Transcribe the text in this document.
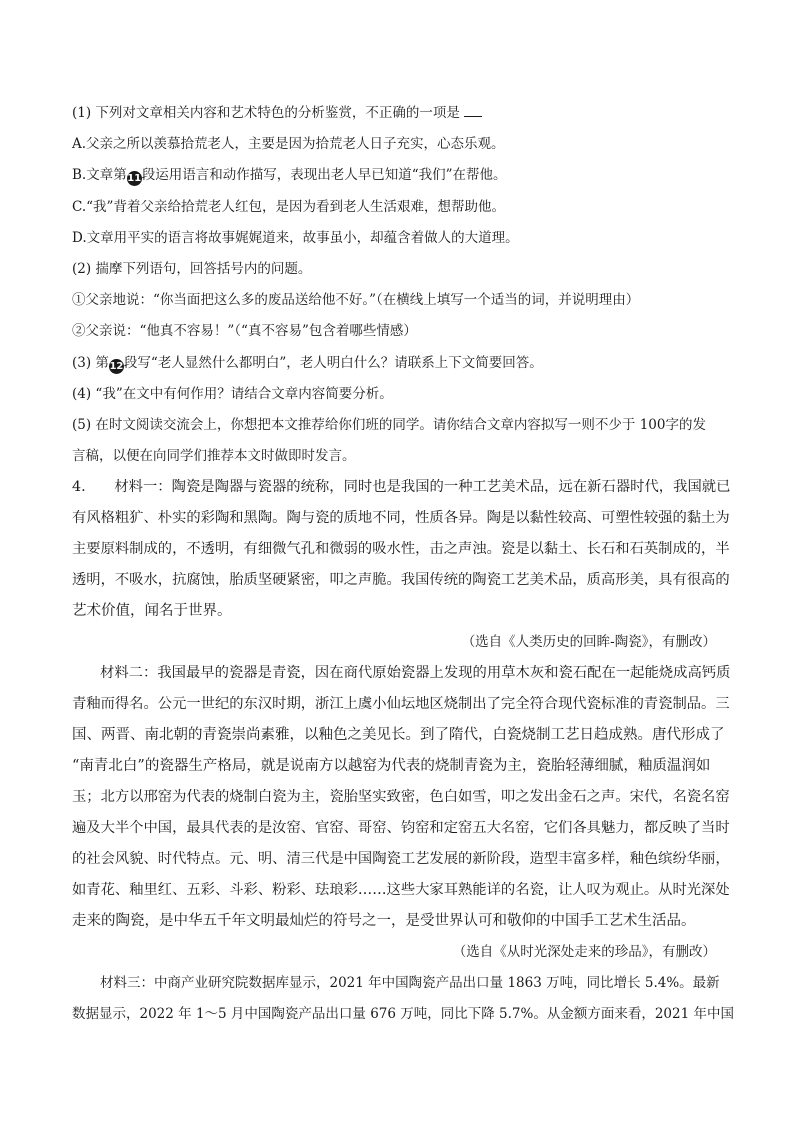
(1) 下列对文章相关内容和艺术特色的分析鉴赏，不正确的一项是
A.父亲之所以羡慕拾荒老人，主要是因为拾荒老人日子充实，心态乐观。
B.文章第11段运用语言和动作描写，表现出老人早已知道“我们”在帮他。
C.“我”背着父亲给拾荒老人红包，是因为看到老人生活艰难，想帮助他。
D.文章用平实的语言将故事娓娓道来，故事虽小，却蕴含着做人的大道理。
(2) 揣摩下列语句，回答括号内的问题。
①父亲地说：“你当面把这么多的废品送给他不好。”（在横线上填写一个适当的词，并说明理由）
②父亲说：“他真不容易！”（“真不容易”包含着哪些情感）
(3) 第12段写“老人显然什么都明白”，老人明白什么？请联系上下文简要回答。
(4) “我”在文中有何作用？请结合文章内容简要分析。
(5) 在时文阅读交流会上，你想把本文推荐给你们班的同学。请你结合文章内容拟写一则不少于 100字的发
言稿，以便在向同学们推荐本文时做即时发言。
4.　　材料一：陶瓷是陶器与瓷器的统称，同时也是我国的一种工艺美术品，远在新石器时代，我国就已
有风格粗犷、朴实的彩陶和黑陶。陶与瓷的质地不同，性质各异。陶是以黏性较高、可塑性较强的黏土为
主要原料制成的，不透明，有细微气孔和微弱的吸水性，击之声浊。瓷是以黏土、长石和石英制成的，半
透明，不吸水，抗腐蚀，胎质坚硬紧密，叩之声脆。我国传统的陶瓷工艺美术品，质高形美，具有很高的
艺术价值，闻名于世界。
（选自《人类历史的回眸-陶瓷》，有删改）
材料二：我国最早的瓷器是青瓷，因在商代原始瓷器上发现的用草木灰和瓷石配在一起能烧成高钙质
青釉而得名。公元一世纪的东汉时期，浙江上虞小仙坛地区烧制出了完全符合现代瓷标准的青瓷制品。三
国、两晋、南北朝的青瓷崇尚素雅，以釉色之美见长。到了隋代，白瓷烧制工艺日趋成熟。唐代形成了
“南青北白”的瓷器生产格局，就是说南方以越窑为代表的烧制青瓷为主，瓷胎轻薄细腻，釉质温润如
玉；北方以邢窑为代表的烧制白瓷为主，瓷胎坚实致密，色白如雪，叩之发出金石之声。宋代，名瓷名窑
遍及大半个中国，最具代表的是汝窑、官窑、哥窑、钧窑和定窑五大名窑，它们各具魅力，都反映了当时
的社会风貌、时代特点。元、明、清三代是中国陶瓷工艺发展的新阶段，造型丰富多样，釉色缤纷华丽，
如青花、釉里红、五彩、斗彩、粉彩、珐琅彩……这些大家耳熟能详的名瓷，让人叹为观止。从时光深处
走来的陶瓷，是中华五千年文明最灿烂的符号之一，是受世界认可和敬仰的中国手工艺术生活品。
（选自《从时光深处走来的珍品》，有删改）
材料三：中商产业研究院数据库显示，2021 年中国陶瓷产品出口量 1863 万吨，同比增长 5.4%。最新
数据显示，2022 年 1～5 月中国陶瓷产品出口量 676 万吨，同比下降 5.7%。从金额方面来看，2021 年中国
